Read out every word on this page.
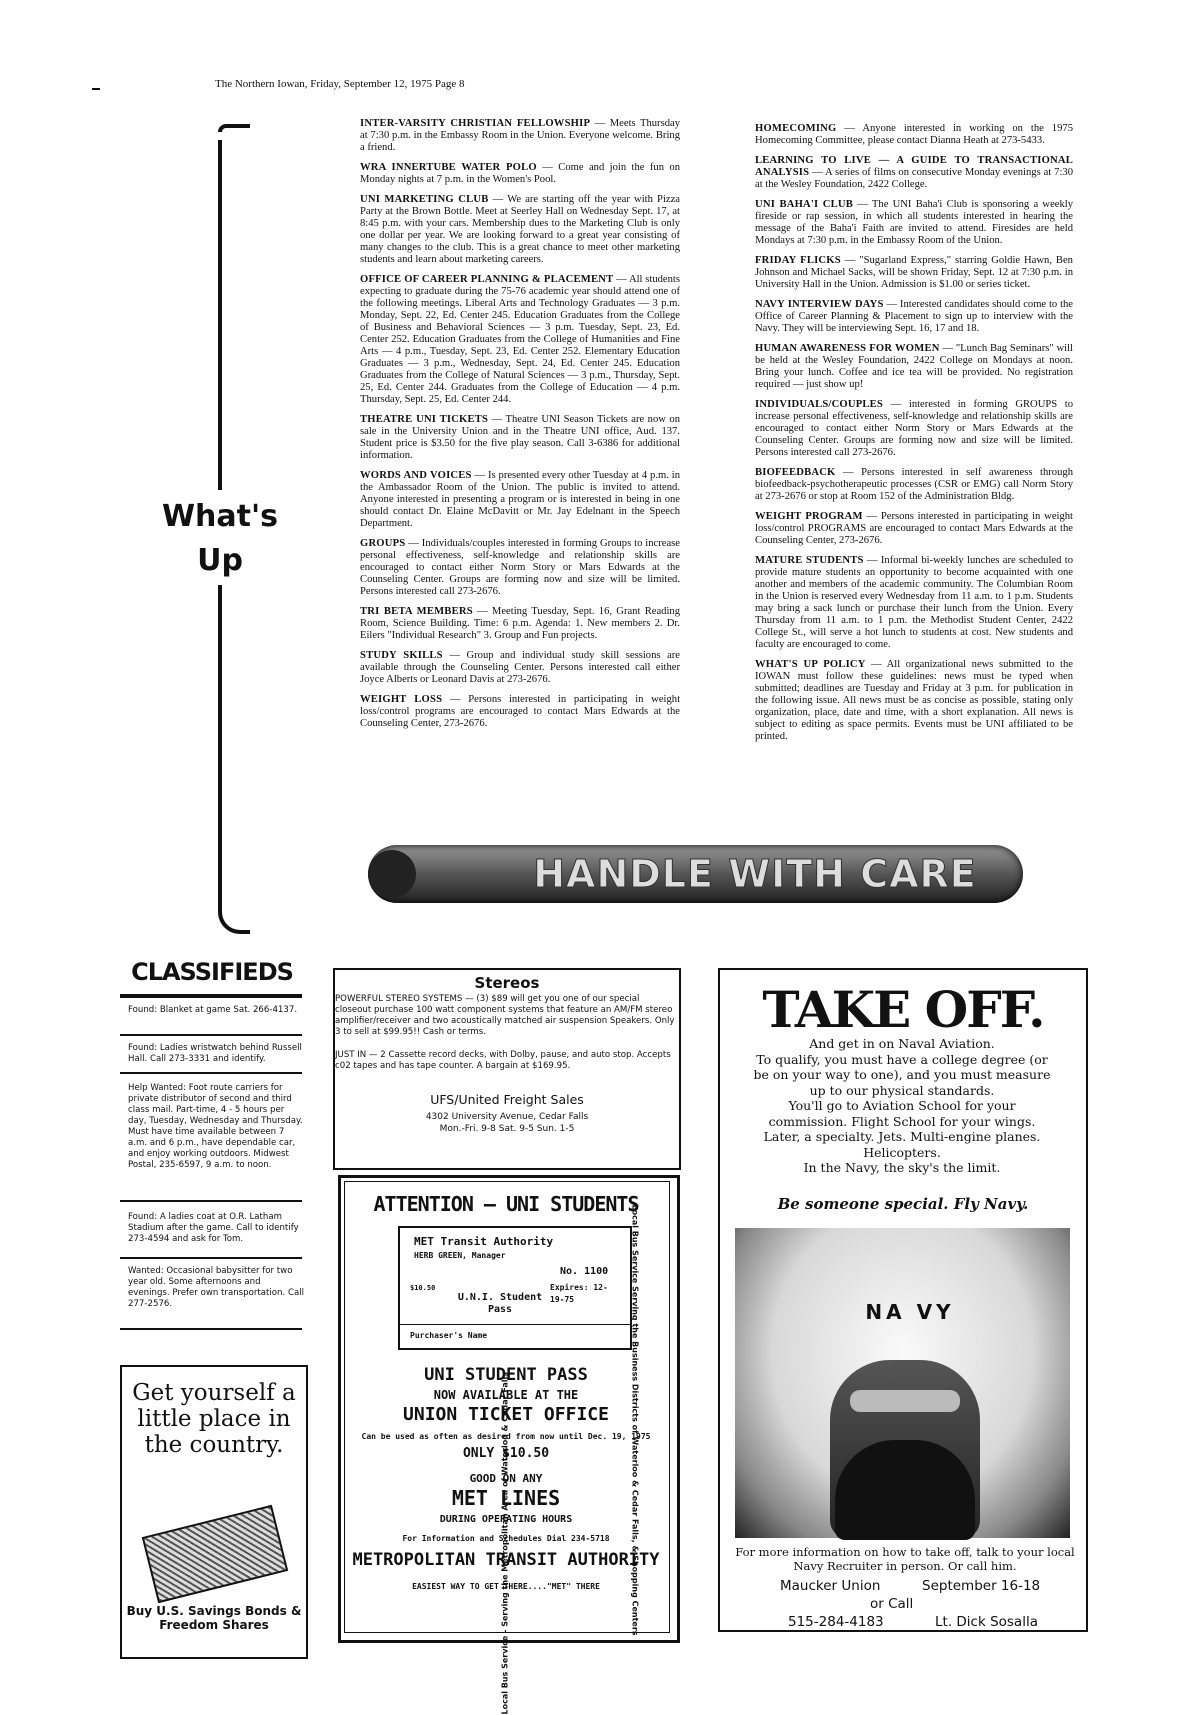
The Northern Iowan, Friday, September 12, 1975 Page 8
What's
Up

INTER-VARSITY CHRISTIAN FELLOWSHIP — Meets Thursday at 7:30 p.m. in the Embassy Room in the Union. Everyone welcome. Bring a friend.

WRA INNERTUBE WATER POLO — Come and join the fun on Monday nights at 7 p.m. in the Women's Pool.

UNI MARKETING CLUB — We are starting off the year with Pizza Party at the Brown Bottle. Meet at Seerley Hall on Wednesday Sept. 17, at 8:45 p.m. with your cars. Membership dues to the Marketing Club is only one dollar per year. We are looking forward to a great year consisting of many changes to the club. This is a great chance to meet other marketing students and learn about marketing careers.

OFFICE OF CAREER PLANNING & PLACEMENT — All students expecting to graduate during the 75-76 academic year should attend one of the following meetings. Liberal Arts and Technology Graduates — 3 p.m. Monday, Sept. 22, Ed. Center 245. Education Graduates from the College of Business and Behavioral Sciences — 3 p.m. Tuesday, Sept. 23, Ed. Center 252. Education Graduates from the College of Humanities and Fine Arts — 4 p.m., Tuesday, Sept. 23, Ed. Center 252. Elementary Education Graduates — 3 p.m., Wednesday, Sept. 24, Ed. Center 245. Education Graduates from the College of Natural Sciences — 3 p.m., Thursday, Sept. 25, Ed. Center 244. Graduates from the College of Education — 4 p.m. Thursday, Sept. 25, Ed. Center 244.

THEATRE UNI TICKETS — Theatre UNI Season Tickets are now on sale in the University Union and in the Theatre UNI office, Aud. 137. Student price is $3.50 for the five play season. Call 3-6386 for additional information.

WORDS AND VOICES — Is presented every other Tuesday at 4 p.m. in the Ambassador Room of the Union. The public is invited to attend. Anyone interested in presenting a program or is interested in being in one should contact Dr. Elaine McDavitt or Mr. Jay Edelnant in the Speech Department.

GROUPS — Individuals/couples interested in forming Groups to increase personal effectiveness, self-knowledge and relationship skills are encouraged to contact either Norm Story or Mars Edwards at the Counseling Center. Groups are forming now and size will be limited. Persons interested call 273-2676.

TRI BETA MEMBERS — Meeting Tuesday, Sept. 16, Grant Reading Room, Science Building. Time: 6 p.m. Agenda: 1. New members 2. Dr. Eilers "Individual Research" 3. Group and Fun projects.

STUDY SKILLS — Group and individual study skill sessions are available through the Counseling Center. Persons interested call either Joyce Alberts or Leonard Davis at 273-2676.

WEIGHT LOSS — Persons interested in participating in weight loss/control programs are encouraged to contact Mars Edwards at the Counseling Center, 273-2676.

HOMECOMING — Anyone interested in working on the 1975 Homecoming Committee, please contact Dianna Heath at 273-5433.

LEARNING TO LIVE — A GUIDE TO TRANSACTIONAL ANALYSIS — A series of films on consecutive Monday evenings at 7:30 at the Wesley Foundation, 2422 College.

UNI BAHA'I CLUB — The UNI Baha'i Club is sponsoring a weekly fireside or rap session, in which all students interested in hearing the message of the Baha'i Faith are invited to attend. Firesides are held Mondays at 7:30 p.m. in the Embassy Room of the Union.

FRIDAY FLICKS — "Sugarland Express," starring Goldie Hawn, Ben Johnson and Michael Sacks, will be shown Friday, Sept. 12 at 7:30 p.m. in University Hall in the Union. Admission is $1.00 or series ticket.

NAVY INTERVIEW DAYS — Interested candidates should come to the Office of Career Planning & Placement to sign up to interview with the Navy. They will be interviewing Sept. 16, 17 and 18.

HUMAN AWARENESS FOR WOMEN — "Lunch Bag Seminars" will be held at the Wesley Foundation, 2422 College on Mondays at noon. Bring your lunch. Coffee and ice tea will be provided. No registration required — just show up!

INDIVIDUALS/COUPLES — interested in forming GROUPS to increase personal effectiveness, self-knowledge and relationship skills are encouraged to contact either Norm Story or Mars Edwards at the Counseling Center. Groups are forming now and size will be limited. Persons interested call 273-2676.

BIOFEEDBACK — Persons interested in self awareness through biofeedback-psychotherapeutic processes (CSR or EMG) call Norm Story at 273-2676 or stop at Room 152 of the Administration Bldg.

WEIGHT PROGRAM — Persons interested in participating in weight loss/control PROGRAMS are encouraged to contact Mars Edwards at the Counseling Center, 273-2676.

MATURE STUDENTS — Informal bi-weekly lunches are scheduled to provide mature students an opportunity to become acquainted with one another and members of the academic community. The Columbian Room in the Union is reserved every Wednesday from 11 a.m. to 1 p.m. Students may bring a sack lunch or purchase their lunch from the Union. Every Thursday from 11 a.m. to 1 p.m. the Methodist Student Center, 2422 College St., will serve a hot lunch to students at cost. New students and faculty are encouraged to come.

WHAT'S UP POLICY — All organizational news submitted to the IOWAN must follow these guidelines: news must be typed when submitted; deadlines are Tuesday and Friday at 3 p.m. for publication in the following issue. All news must be as concise as possible, stating only organization, place, date and time, with a short explanation. All news is subject to editing as space permits. Events must be UNI affiliated to be printed.

HANDLE WITH CARE
CLASSIFIEDS
Found: Blanket at game Sat. 266-4137.
Found: Ladies wristwatch behind Russell Hall. Call 273-3331 and identify.
Help Wanted: Foot route carriers for private distributor of second and third class mail. Part-time, 4 - 5 hours per day, Tuesday, Wednesday and Thursday. Must have time available between 7 a.m. and 6 p.m., have dependable car, and enjoy working outdoors. Midwest Postal, 235-6597, 9 a.m. to noon.
Found: A ladies coat at O.R. Latham Stadium after the game. Call to identify 273-4594 and ask for Tom.
Wanted: Occasional babysitter for two year old. Some afternoons and evenings. Prefer own transportation. Call 277-2576.
Get yourself a little place in the country.
Buy U.S. Savings Bonds & Freedom Shares
Stereos
POWERFUL STEREO SYSTEMS — (3) $89 will get you one of our special closeout purchase 100 watt component systems that feature an AM/FM stereo amplifier/receiver and two acoustically matched air suspension Speakers. Only 3 to sell at $99.95!! Cash or terms.
JUST IN — 2 Cassette record decks, with Dolby, pause, and auto stop. Accepts c02 tapes and has tape counter. A bargain at $169.95.
UFS/United Freight Sales
4302 University Avenue, Cedar Falls
Mon.-Fri. 9-8 Sat. 9-5 Sun. 1-5
ATTENTION — UNI STUDENTS
Local Bus Service - Serving the Metropolitan Area of Waterloo & Cedar Falls	Local Bus Service Serving the Business Districts of Waterloo & Cedar Falls, & Shopping Centers
MET Transit Authority
HERB GREEN, Manager
No. 1100
$10.50	Expires: 12-19-75
U.N.I. Student Pass
Purchaser's Name
UNI STUDENT PASS
NOW AVAILABLE AT THE
UNION TICKET OFFICE
Can be used as often as desired from now until Dec. 19, 1975
ONLY $10.50
GOOD ON ANY
MET LINES
DURING OPERATING HOURS
For Information and Schedules Dial 234-5718
METROPOLITAN TRANSIT AUTHORITY
EASIEST WAY TO GET THERE...."MET" THERE
TAKE OFF.

And get in on Naval Aviation.

To qualify, you must have a college degree (or be on your way to one), and you must measure up to our physical standards.

You'll go to Aviation School for your commission. Flight School for your wings.

Later, a specialty. Jets. Multi-engine planes. Helicopters.

In the Navy, the sky's the limit.

Be someone special. Fly Navy.
NA VY
For more information on how to take off, talk to your local Navy Recruiter in person. Or call him.
Maucker Union	September 16-18
or Call
515-284-4183	Lt. Dick Sosalla
